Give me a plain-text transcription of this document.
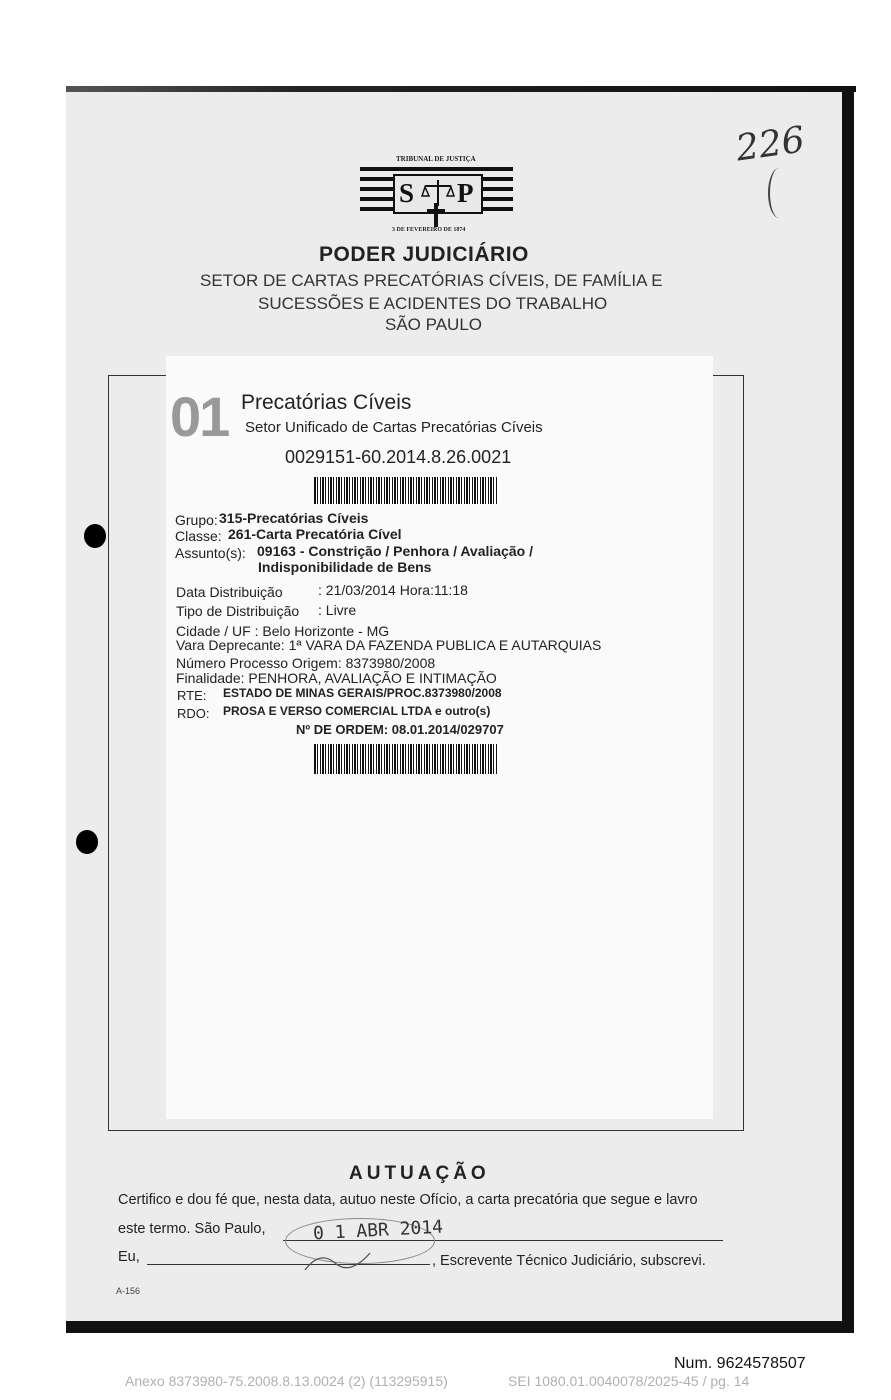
226
TRIBUNAL DE JUSTIÇA
S P
3 DE FEVEREIRO DE 1874
PODER JUDICIÁRIO
SETOR DE CARTAS PRECATÓRIAS CÍVEIS, DE FAMÍLIA E
SUCESSÕES E ACIDENTES DO TRABALHO
SÃO PAULO
01 Precatórias Cíveis
Setor Unificado de Cartas Precatórias Cíveis
0029151-60.2014.8.26.0021
Grupo: 315-Precatórias Cíveis
Classe: 261-Carta Precatória Cível
Assunto(s): 09163 - Constrição / Penhora / Avaliação /
Indisponibilidade de Bens
Data Distribuição	: 21/03/2014 Hora:11:18
Tipo de Distribuição : Livre
Cidade / UF : Belo Horizonte - MG
Vara Deprecante: 1ª VARA DA FAZENDA PUBLICA E AUTARQUIAS
Número Processo Origem: 8373980/2008
Finalidade: PENHORA, AVALIAÇÃO E INTIMAÇÃO
RTE: ESTADO DE MINAS GERAIS/PROC.8373980/2008
RDO: PROSA E VERSO COMERCIAL LTDA e outro(s)
Nº DE ORDEM: 08.01.2014/029707
AUTUAÇÃO
Certifico e dou fé que, nesta data, autuo neste Ofício, a carta precatória que segue e lavro
este termo. São Paulo,	0 1 ABR 2014
Eu,	, Escrevente Técnico Judiciário, subscrevi.
A-156
Num. 9624578507
Anexo 8373980-75.2008.8.13.0024 (2) (113295915)	SEI 1080.01.0040078/2025-45 / pg. 14
